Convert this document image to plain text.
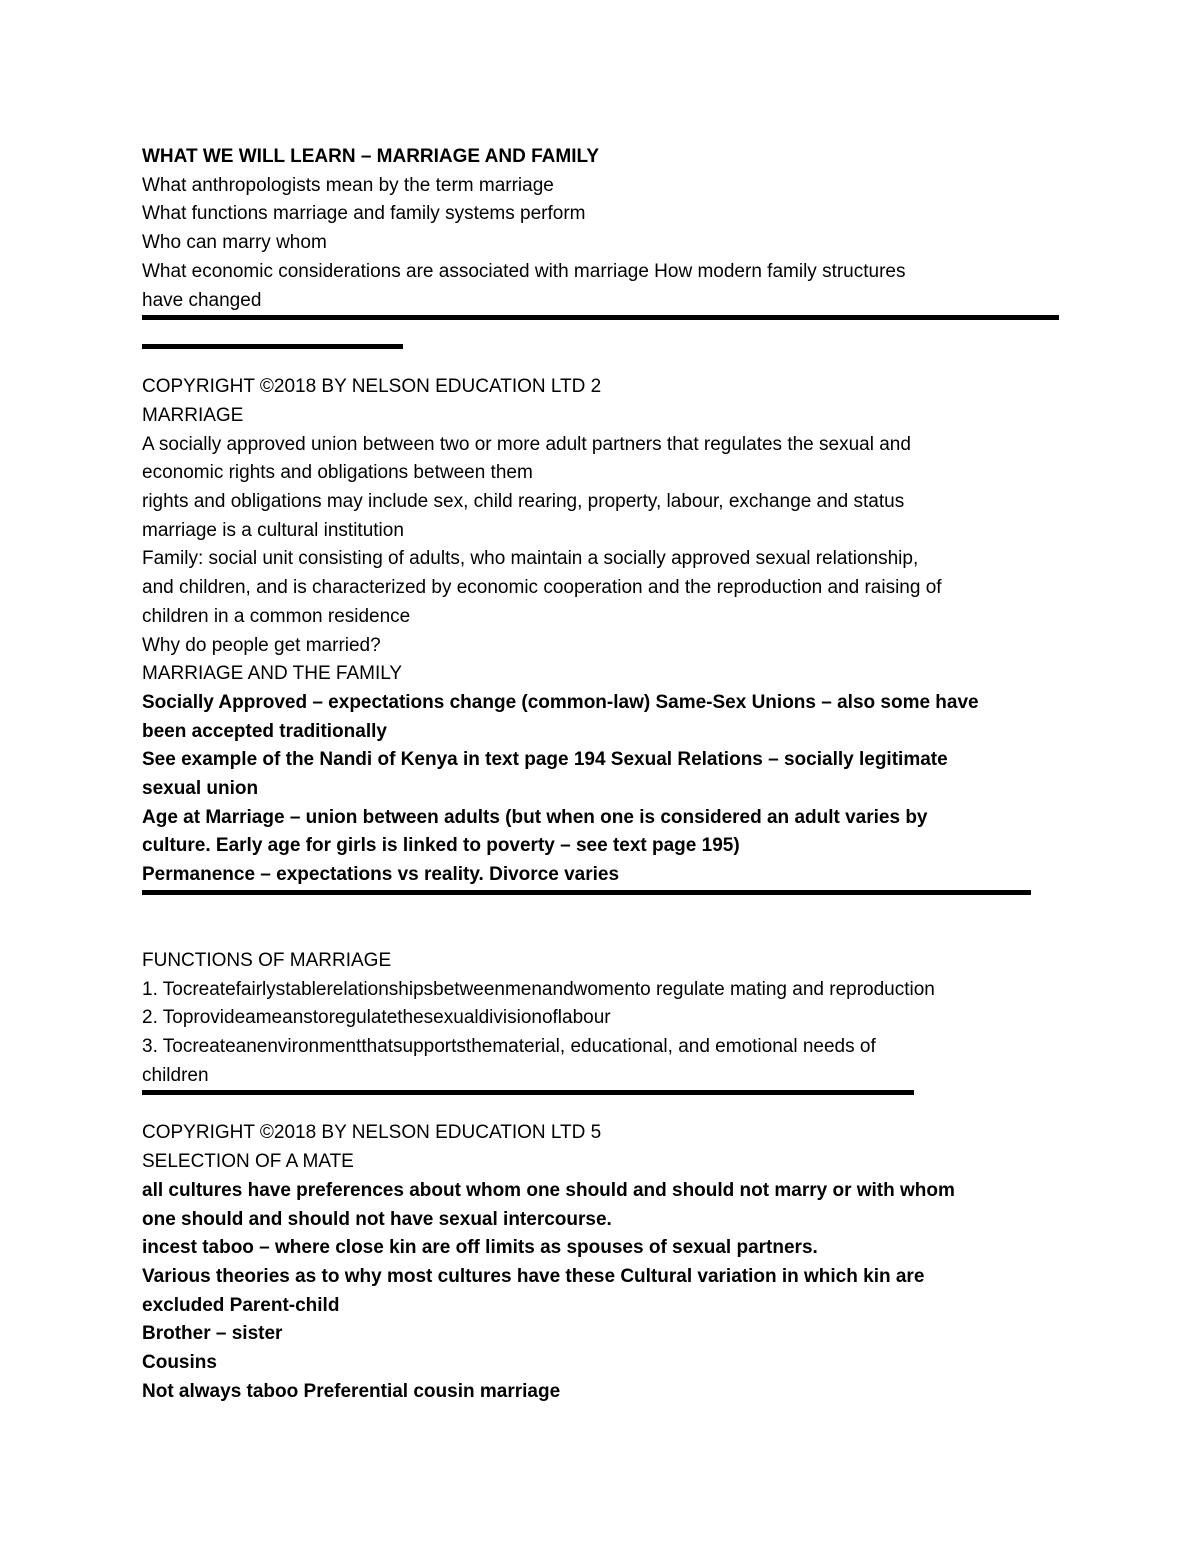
WHAT WE WILL LEARN – MARRIAGE AND FAMILY

What anthropologists mean by the term marriage

What functions marriage and family systems perform

Who can marry whom

What economic considerations are associated with marriage How modern family structures

have changed

COPYRIGHT ©2018 BY NELSON EDUCATION LTD 2

MARRIAGE

A socially approved union between two or more adult partners that regulates the sexual and

economic rights and obligations between them

rights and obligations may include sex, child rearing, property, labour, exchange and status

marriage is a cultural institution

Family: social unit consisting of adults, who maintain a socially approved sexual relationship,

and children, and is characterized by economic cooperation and the reproduction and raising of

children in a common residence

Why do people get married?

MARRIAGE AND THE FAMILY

Socially Approved – expectations change (common-law) Same-Sex Unions – also some have

been accepted traditionally

See example of the Nandi of Kenya in text page 194 Sexual Relations – socially legitimate

sexual union

Age at Marriage – union between adults (but when one is considered an adult varies by

culture. Early age for girls is linked to poverty – see text page 195)

Permanence – expectations vs reality. Divorce varies

FUNCTIONS OF MARRIAGE

1. Tocreatefairlystablerelationshipsbetweenmenandwomento regulate mating and reproduction

2. Toprovideameanstoregulatethesexualdivisionoflabour

3. Tocreateanenvironmentthatsupportsthematerial, educational, and emotional needs of

children

COPYRIGHT ©2018 BY NELSON EDUCATION LTD 5

SELECTION OF A MATE

all cultures have preferences about whom one should and should not marry or with whom

one should and should not have sexual intercourse.

incest taboo – where close kin are off limits as spouses of sexual partners.

Various theories as to why most cultures have these Cultural variation in which kin are

excluded Parent-child

Brother – sister

Cousins

Not always taboo Preferential cousin marriage
